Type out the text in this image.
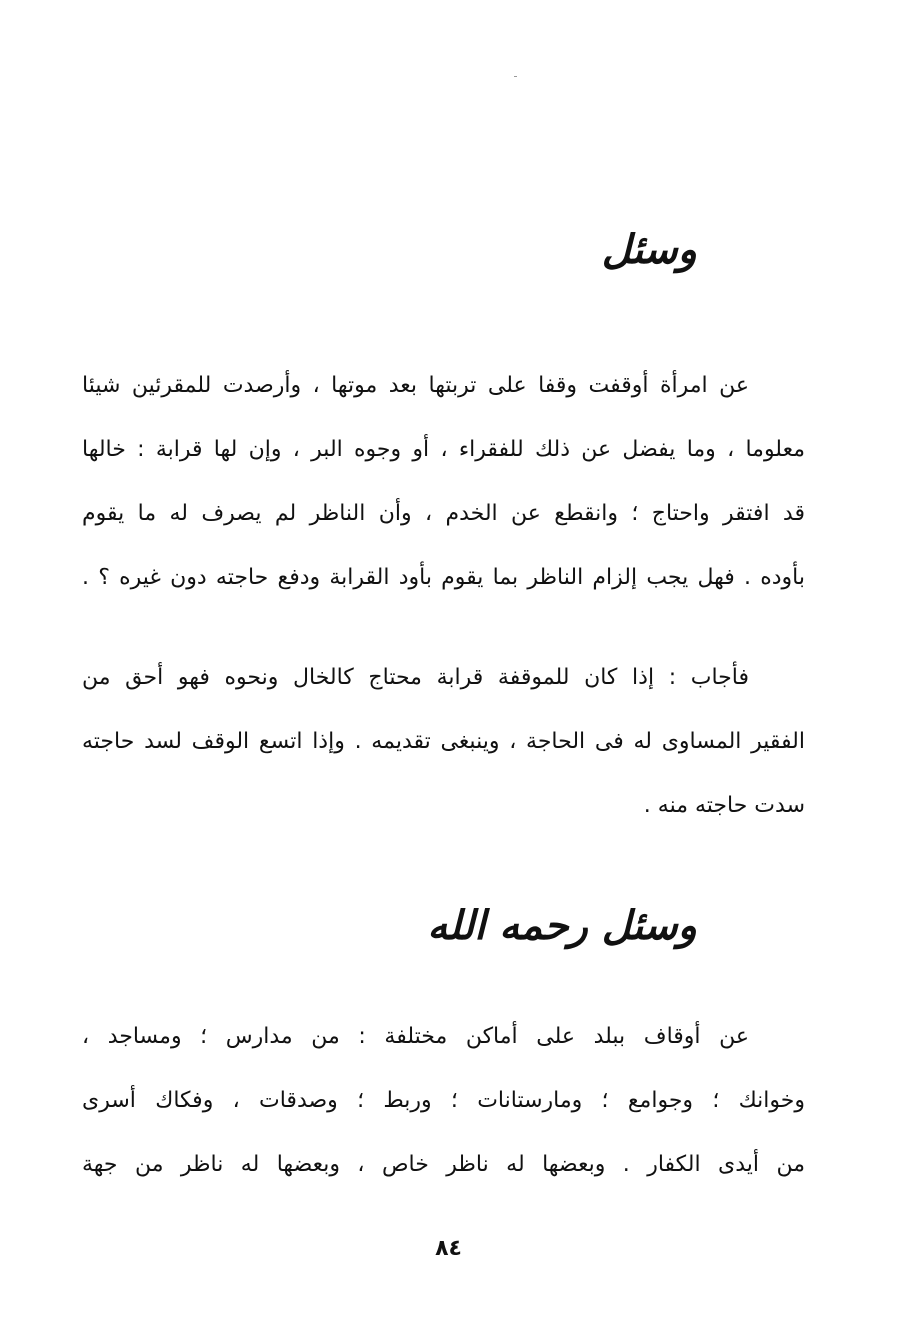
وسئل
عن امرأة أوقفت وقفا على تربتها بعد موتها ، وأرصدت للمقرئين شيئا
معلوما ، وما يفضل عن ذلك للفقراء ، أو وجوه البر ، وإن لها قرابة : خالها
قد افتقر واحتاج ؛ وانقطع عن الخدم ، وأن الناظر لم يصرف له ما يقوم
بأوده . فهل يجب إلزام الناظر بما يقوم بأود القرابة ودفع حاجته دون غيره ؟ .
فأجاب : إذا كان للموقفة قرابة محتاج كالخال ونحوه فهو أحق من
الفقير المساوى له فى الحاجة ، وينبغى تقديمه . وإذا اتسع الوقف لسد حاجته
سدت حاجته منه .
وسئل رحمه الله
عن أوقاف ببلد على أماكن مختلفة : من مدارس ؛ ومساجد ،
وخوانك ؛ وجوامع ؛ ومارستانات ؛ وربط ؛ وصدقات ، وفكاك أسرى
من أيدى الكفار . وبعضها له ناظر خاص ، وبعضها له ناظر من جهة
٨٤
